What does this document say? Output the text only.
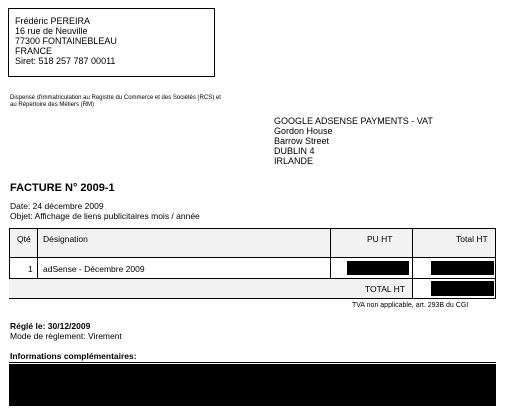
Frédéric PEREIRA
16 rue de Neuville
77300 FONTAINEBLEAU
FRANCE
Siret: 518 257 787 00011
Dispensé d'immatriculation au Registre du Commerce et des Sociétés (RCS) et au Répertoire des Métiers (RM)
GOOGLE ADSENSE PAYMENTS - VAT
Gordon House
Barrow Street
DUBLIN 4
IRLANDE
FACTURE N° 2009-1
Date: 24 décembre 2009
Objet: Affichage de liens publicitaires mois / année
Qté Désignation	PU HT	Total HT
1 adSense - Décembre 2009
TOTAL HT
TVA non applicable, art. 293B du CGI
Réglé le: 30/12/2009
Mode de règlement: Virement
Informations complémentaires:
